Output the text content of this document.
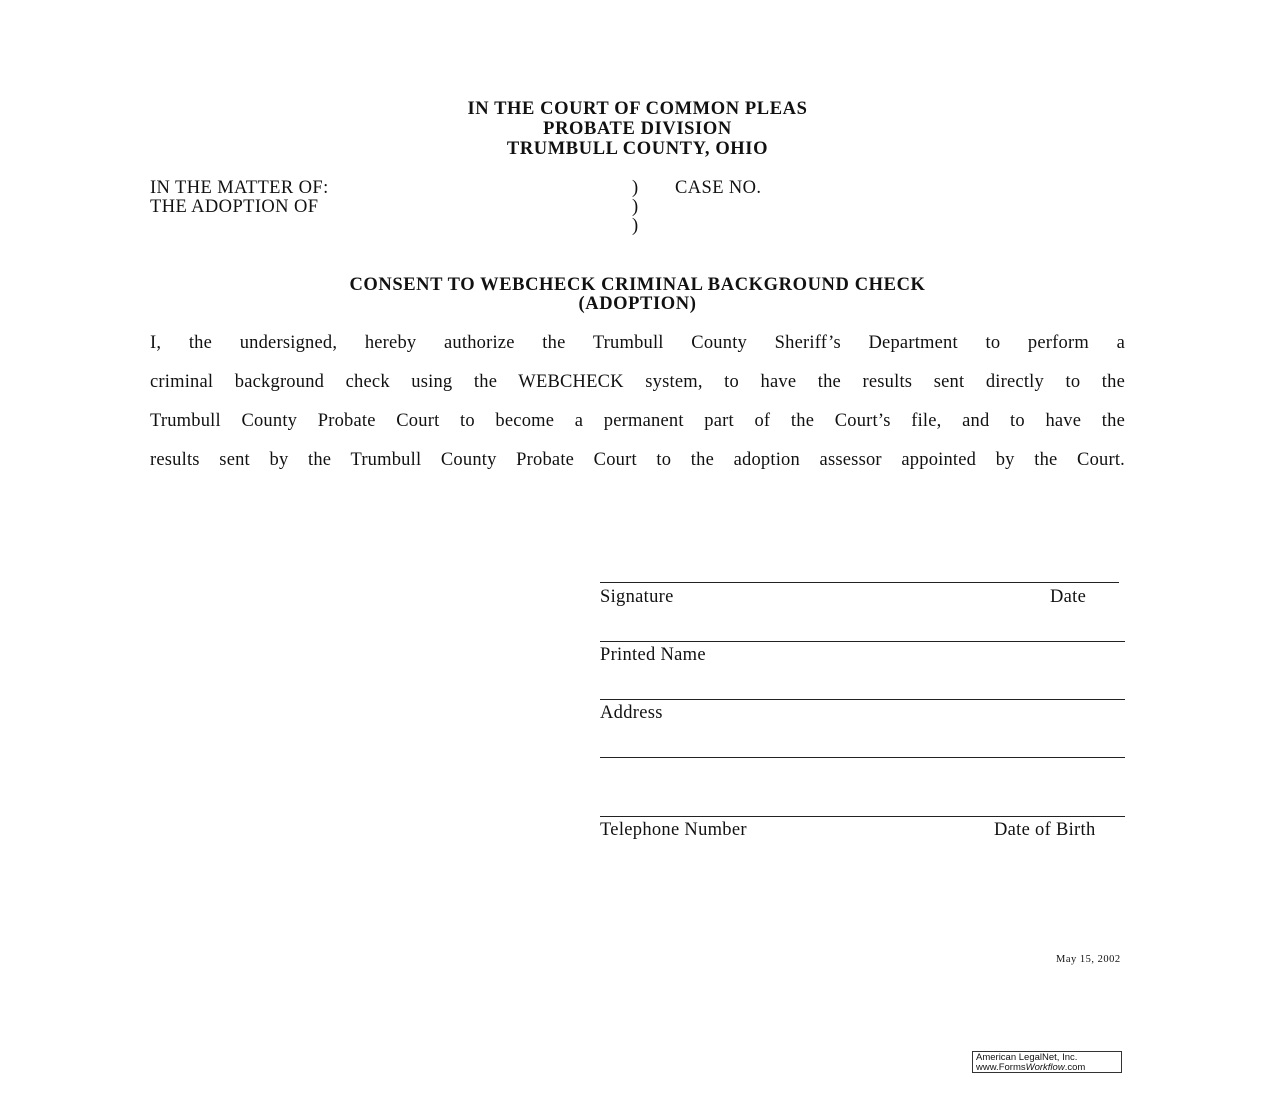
IN THE COURT OF COMMON PLEAS
PROBATE DIVISION
TRUMBULL COUNTY, OHIO
IN THE MATTER OF:
THE ADOPTION OF
)
)
)
CASE NO.
CONSENT TO WEBCHECK CRIMINAL BACKGROUND CHECK
(ADOPTION)
I, the undersigned, hereby authorize the Trumbull County Sheriff’s Department to perform a
criminal background check using the WEBCHECK system, to have the results sent directly to the
Trumbull County Probate Court to become a permanent part of the Court’s file, and to have the
results sent by the Trumbull County Probate Court to the adoption assessor appointed by the Court.
Signature	Date
Printed Name
Address
Telephone Number	Date of Birth
May 15, 2002
American LegalNet, Inc.
www.FormsWorkflow.com
